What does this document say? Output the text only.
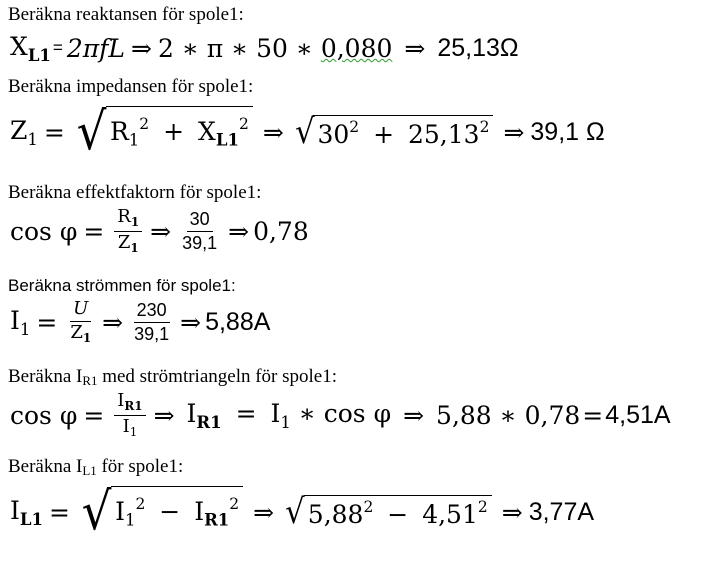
Beräkna reaktansen för spole1:
$X_{L1} = 2\pi fL$ ⇒ 2 ∗ π ∗ 50 ∗ 0,080 ⇒ 25,13Ω
Beräkna impedansen för spole1:
$Z_1$ = √ $R_1^2 + X_{L1}^2$ ⇒ √ $30^2 + 25,13^2$ ⇒ 39,1 Ω
Beräkna effektfaktorn för spole1:
$\cos \varphi = \frac{R_1}{Z_1}$ ⇒ $\frac{30}{39,1}$ ⇒ 0,78
Beräkna strömmen för spole1:
$I_1 = \frac{U}{Z_1}$ ⇒ $\frac{230}{39,1}$ ⇒ 5,88A
Beräkna $I_{R1}$ med strömtriangeln för spole1:
$\cos \varphi = \frac{I_{R1}}{I_1}$ ⇒ $I_{R1} = I_1$ ∗ cos φ ⇒ 5,88 ∗ 0,78 = 4,51A
Beräkna $I_{L1}$ för spole1:
$I_{L1}$ = √ $I_1^2 - I_{R1}^2$ ⇒ √ $5,88^2 - 4,51^2$ ⇒ 3,77A
